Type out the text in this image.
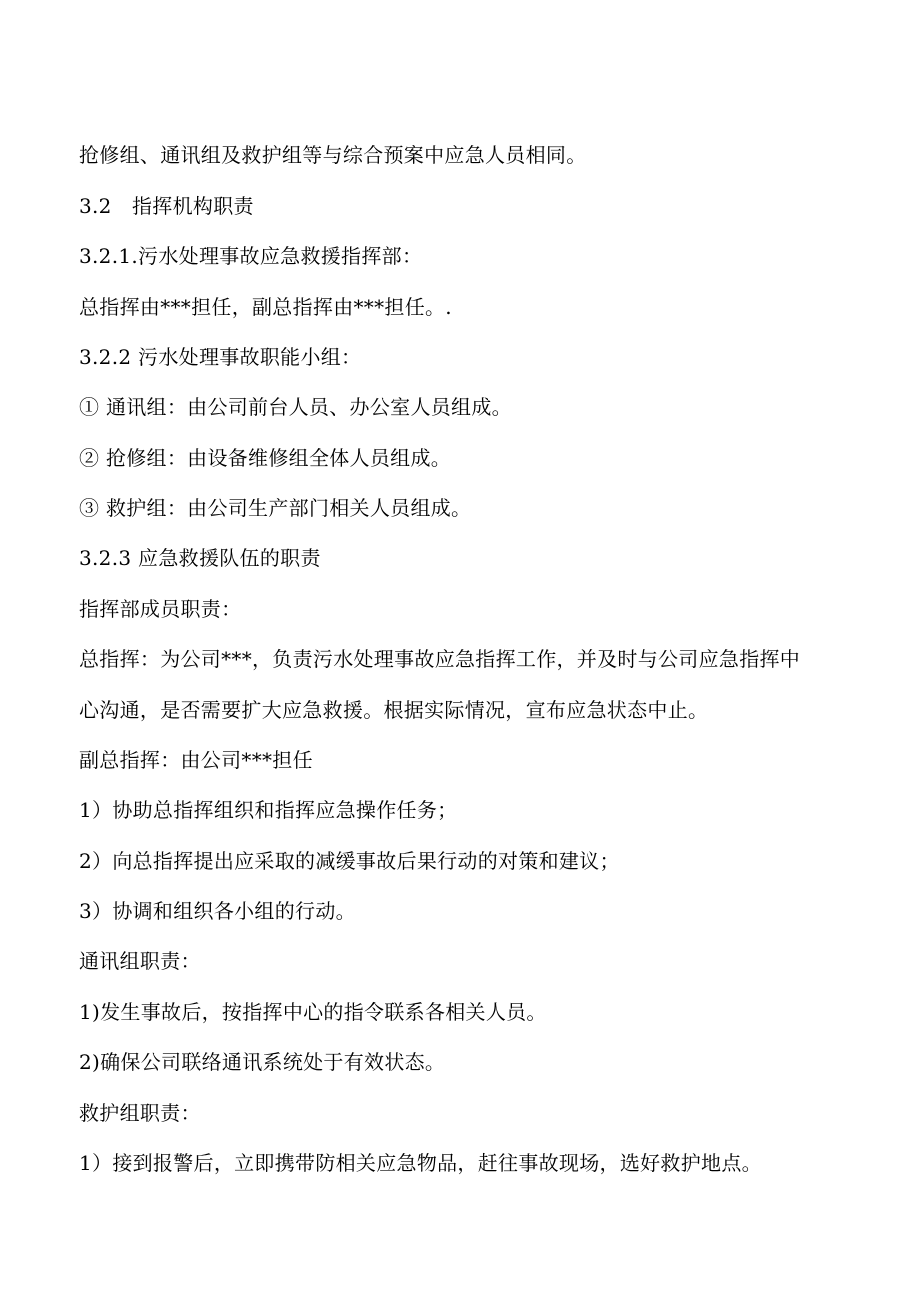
抢修组、通讯组及救护组等与综合预案中应急人员相同。
3.2　指挥机构职责
3.2.1.污水处理事故应急救援指挥部：
总指挥由***担任，副总指挥由***担任。.
3.2.2 污水处理事故职能小组：
① 通讯组：由公司前台人员、办公室人员组成。
② 抢修组：由设备维修组全体人员组成。
③ 救护组：由公司生产部门相关人员组成。
3.2.3 应急救援队伍的职责
指挥部成员职责：
总指挥：为公司***，负责污水处理事故应急指挥工作，并及时与公司应急指挥中
心沟通，是否需要扩大应急救援。根据实际情况，宣布应急状态中止。
副总指挥：由公司***担任
1）协助总指挥组织和指挥应急操作任务；
2）向总指挥提出应采取的减缓事故后果行动的对策和建议；
3）协调和组织各小组的行动。
通讯组职责：
1)发生事故后，按指挥中心的指令联系各相关人员。
2)确保公司联络通讯系统处于有效状态。
救护组职责：
1）接到报警后，立即携带防相关应急物品，赶往事故现场，选好救护地点。
